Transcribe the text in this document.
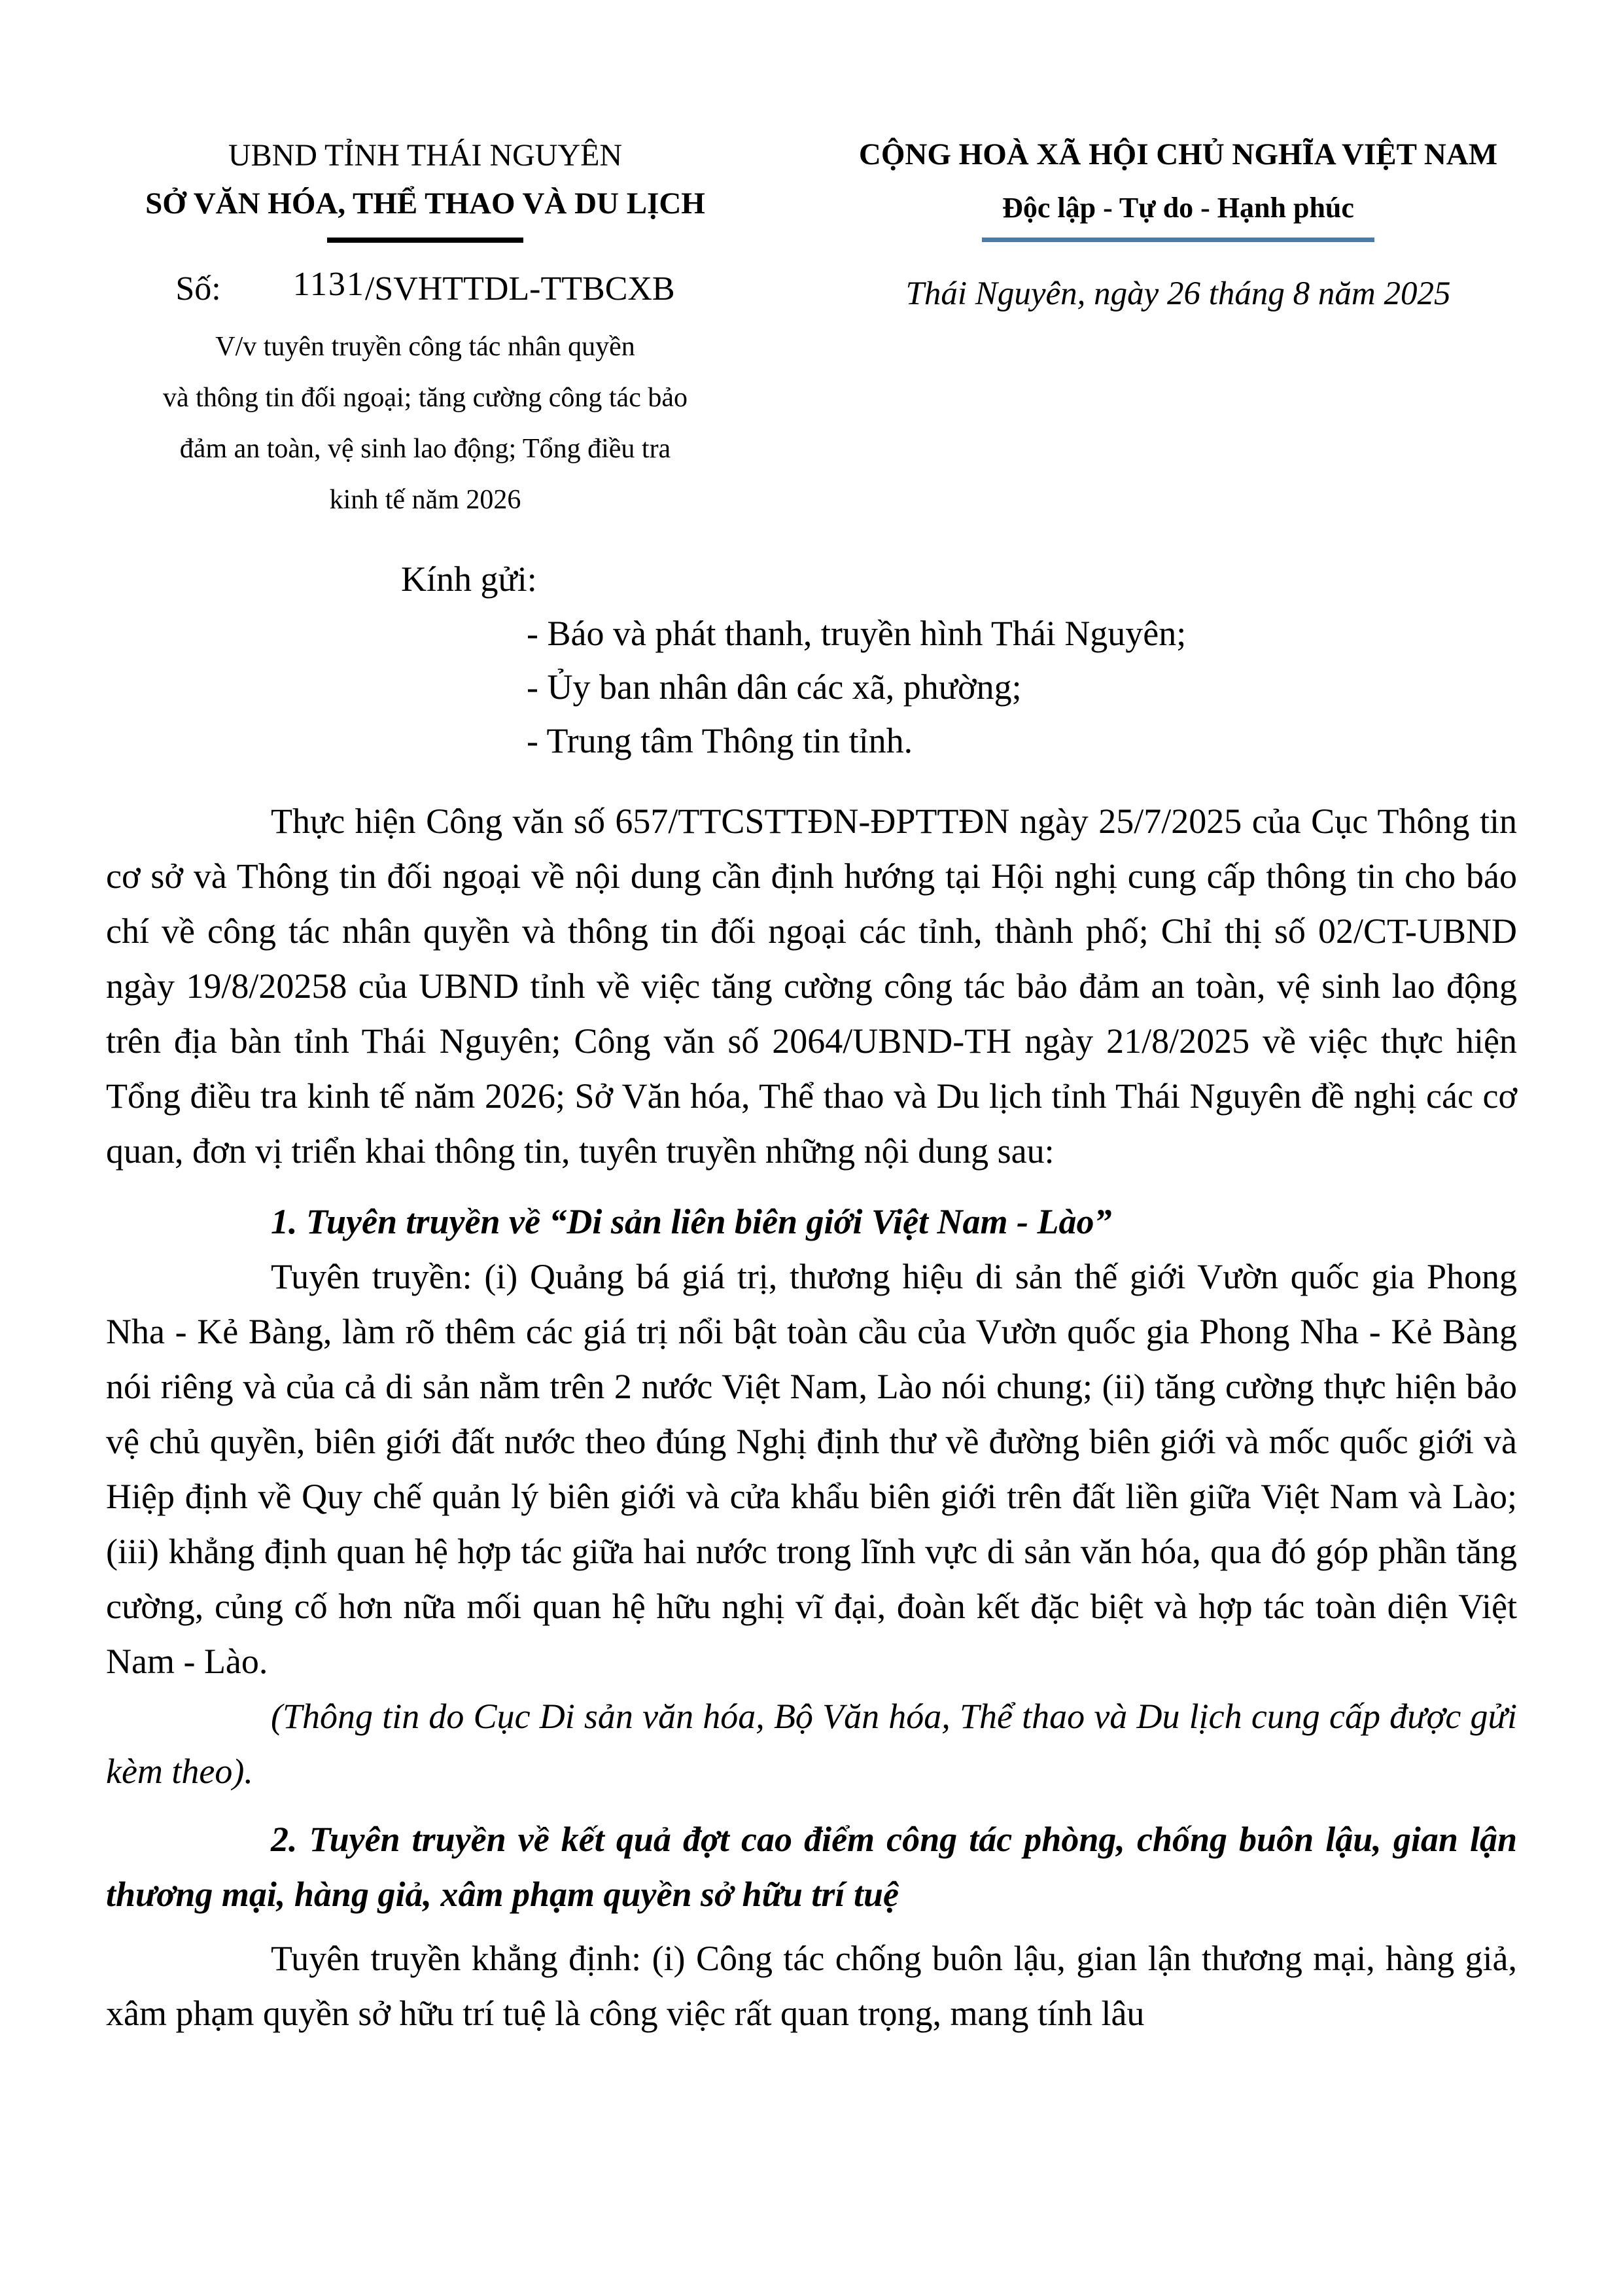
UBND TỈNH THÁI NGUYÊN
SỞ VĂN HÓA, THỂ THAO VÀ DU LỊCH
Số: 1131/SVHTTDL-TTBCXB
V/v tuyên truyền công tác nhân quyền
và thông tin đối ngoại; tăng cường công tác bảo
đảm an toàn, vệ sinh lao động; Tổng điều tra
kinh tế năm 2026
CỘNG HOÀ XÃ HỘI CHỦ NGHĨA VIỆT NAM
Độc lập - Tự do - Hạnh phúc
Thái Nguyên, ngày 26 tháng 8 năm 2025
Kính gửi:
- Báo và phát thanh, truyền hình Thái Nguyên;
- Ủy ban nhân dân các xã, phường;
- Trung tâm Thông tin tỉnh.

Thực hiện Công văn số 657/TTCSTTĐN-ĐPTTĐN ngày 25/7/2025 của Cục Thông tin cơ sở và Thông tin đối ngoại về nội dung cần định hướng tại Hội nghị cung cấp thông tin cho báo chí về công tác nhân quyền và thông tin đối ngoại các tỉnh, thành phố; Chỉ thị số 02/CT-UBND ngày 19/8/20258 của UBND tỉnh về việc tăng cường công tác bảo đảm an toàn, vệ sinh lao động trên địa bàn tỉnh Thái Nguyên; Công văn số 2064/UBND-TH ngày 21/8/2025 về việc thực hiện Tổng điều tra kinh tế năm 2026; Sở Văn hóa, Thể thao và Du lịch tỉnh Thái Nguyên đề nghị các cơ quan, đơn vị triển khai thông tin, tuyên truyền những nội dung sau:

1. Tuyên truyền về “Di sản liên biên giới Việt Nam - Lào”

Tuyên truyền: (i) Quảng bá giá trị, thương hiệu di sản thế giới Vườn quốc gia Phong Nha - Kẻ Bàng, làm rõ thêm các giá trị nổi bật toàn cầu của Vườn quốc gia Phong Nha - Kẻ Bàng nói riêng và của cả di sản nằm trên 2 nước Việt Nam, Lào nói chung; (ii) tăng cường thực hiện bảo vệ chủ quyền, biên giới đất nước theo đúng Nghị định thư về đường biên giới và mốc quốc giới và Hiệp định về Quy chế quản lý biên giới và cửa khẩu biên giới trên đất liền giữa Việt Nam và Lào; (iii) khẳng định quan hệ hợp tác giữa hai nước trong lĩnh vực di sản văn hóa, qua đó góp phần tăng cường, củng cố hơn nữa mối quan hệ hữu nghị vĩ đại, đoàn kết đặc biệt và hợp tác toàn diện Việt Nam - Lào.

(Thông tin do Cục Di sản văn hóa, Bộ Văn hóa, Thể thao và Du lịch cung cấp được gửi kèm theo).

2. Tuyên truyền về kết quả đợt cao điểm công tác phòng, chống buôn lậu, gian lận thương mại, hàng giả, xâm phạm quyền sở hữu trí tuệ

Tuyên truyền khẳng định: (i) Công tác chống buôn lậu, gian lận thương mại, hàng giả, xâm phạm quyền sở hữu trí tuệ là công việc rất quan trọng, mang tính lâu
